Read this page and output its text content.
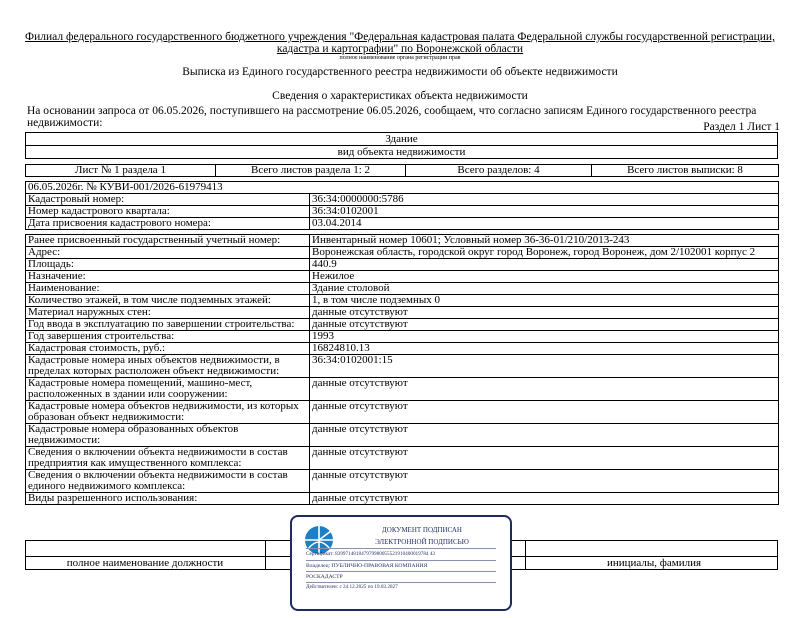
Филиал федерального государственного бюджетного учреждения "Федеральная кадастровая палата Федеральной службы государственной регистрации,
кадастра и картографии" по Воронежской области
полное наименование органа регистрации прав
Выписка из Единого государственного реестра недвижимости об объекте недвижимости
Сведения о характеристиках объекта недвижимости
На основании запроса от 06.05.2026, поступившего на рассмотрение 06.05.2026, сообщаем, что согласно записям Единого государственного реестра недвижимости:	Раздел 1 Лист 1
Здание
вид объекта недвижимости
Лист № 1 раздела 1	Всего листов раздела 1: 2	Всего разделов: 4	Всего листов выписки: 8
06.05.2026г. № КУВИ-001/2026-61979413	
Кадастровый номер:	36:34:0000000:5786
Номер кадастрового квартала:	36:34:0102001
Дата присвоения кадастрового номера:	03.04.2014

Ранее присвоенный государственный учетный номер:	Инвентарный номер 10601; Условный номер 36-36-01/210/2013-243
Адрес:	Воронежская область, городской округ город Воронеж, город Воронеж, дом 2/102001 корпус 2
Площадь:	440.9
Назначение:	Нежилое
Наименование:	Здание столовой
Количество этажей, в том числе подземных этажей:	1, в том числе подземных 0
Материал наружных стен:	данные отсутствуют
Год ввода в эксплуатацию по завершении строительства:	данные отсутствуют
Год завершения строительства:	1993
Кадастровая стоимость, руб.:	16824810.13
Кадастровые номера иных объектов недвижимости, в пределах которых расположен объект недвижимости:	36:34:0102001:15
Кадастровые номера помещений, машино-мест, расположенных в здании или сооружении:	данные отсутствуют
Кадастровые номера объектов недвижимости, из которых образован объект недвижимости:	данные отсутствуют
Кадастровые номера образованных объектов недвижимости:	данные отсутствуют
Сведения о включении объекта недвижимости в состав предприятия как имущественного комплекса:	данные отсутствуют
Сведения о включении объекта недвижимости в состав единого недвижимого комплекса:	данные отсутствуют
Виды разрешенного использования:	данные отсутствуют
полное наименование должности	инициалы, фамилия
ДОКУМЕНТ ПОДПИСАН
ЭЛЕКТРОННОЙ ПОДПИСЬЮ
Сертификат: 839971481847979980055521910400019784 43
Владелец: ПУБЛИЧНО-ПРАВОВАЯ КОМПАНИЯ
РОСКАДАСТР
Действителен: с 24.12.2025 по 19.03.2027
